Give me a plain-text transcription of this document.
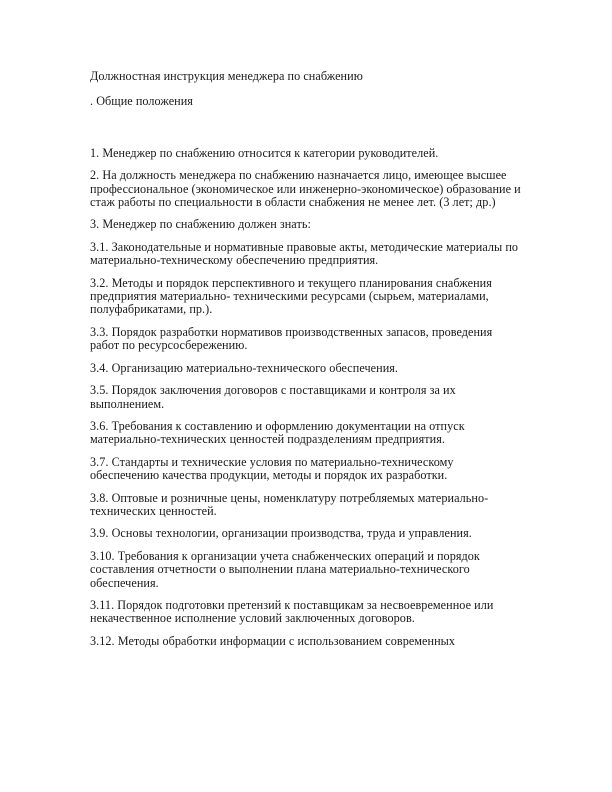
Должностная инструкция менеджера по снабжению
. Общие положения
1. Менеджер по снабжению относится к категории руководителей.
2. На должность менеджера по снабжению назначается лицо, имеющее высшее профессиональное (экономическое или инженерно-экономическое) образование и стаж работы по специальности в области снабжения не менее лет. (3 лет; др.)
3. Менеджер по снабжению должен знать:
3.1. Законодательные и нормативные правовые акты, методические материалы по материально-техническому обеспечению предприятия.
3.2. Методы и порядок перспективного и текущего планирования снабжения предприятия материально- техническими ресурсами (сырьем, материалами, полуфабрикатами, пр.).
3.3. Порядок разработки нормативов производственных запасов, проведения работ по ресурсосбережению.
3.4. Организацию материально-технического обеспечения.
3.5. Порядок заключения договоров с поставщиками и контроля за их выполнением.
3.6. Требования к составлению и оформлению документации на отпуск материально-технических ценностей подразделениям предприятия.
3.7. Стандарты и технические условия по материально-техническому обеспечению качества продукции, методы и порядок их разработки.
3.8. Оптовые и розничные цены, номенклатуру потребляемых материально-технических ценностей.
3.9. Основы технологии, организации производства, труда и управления.
3.10. Требования к организации учета снабженческих операций и порядок составления отчетности о выполнении плана материально-технического обеспечения.
3.11. Порядок подготовки претензий к поставщикам за несвоевременное или некачественное исполнение условий заключенных договоров.
3.12. Методы обработки информации с использованием современных
